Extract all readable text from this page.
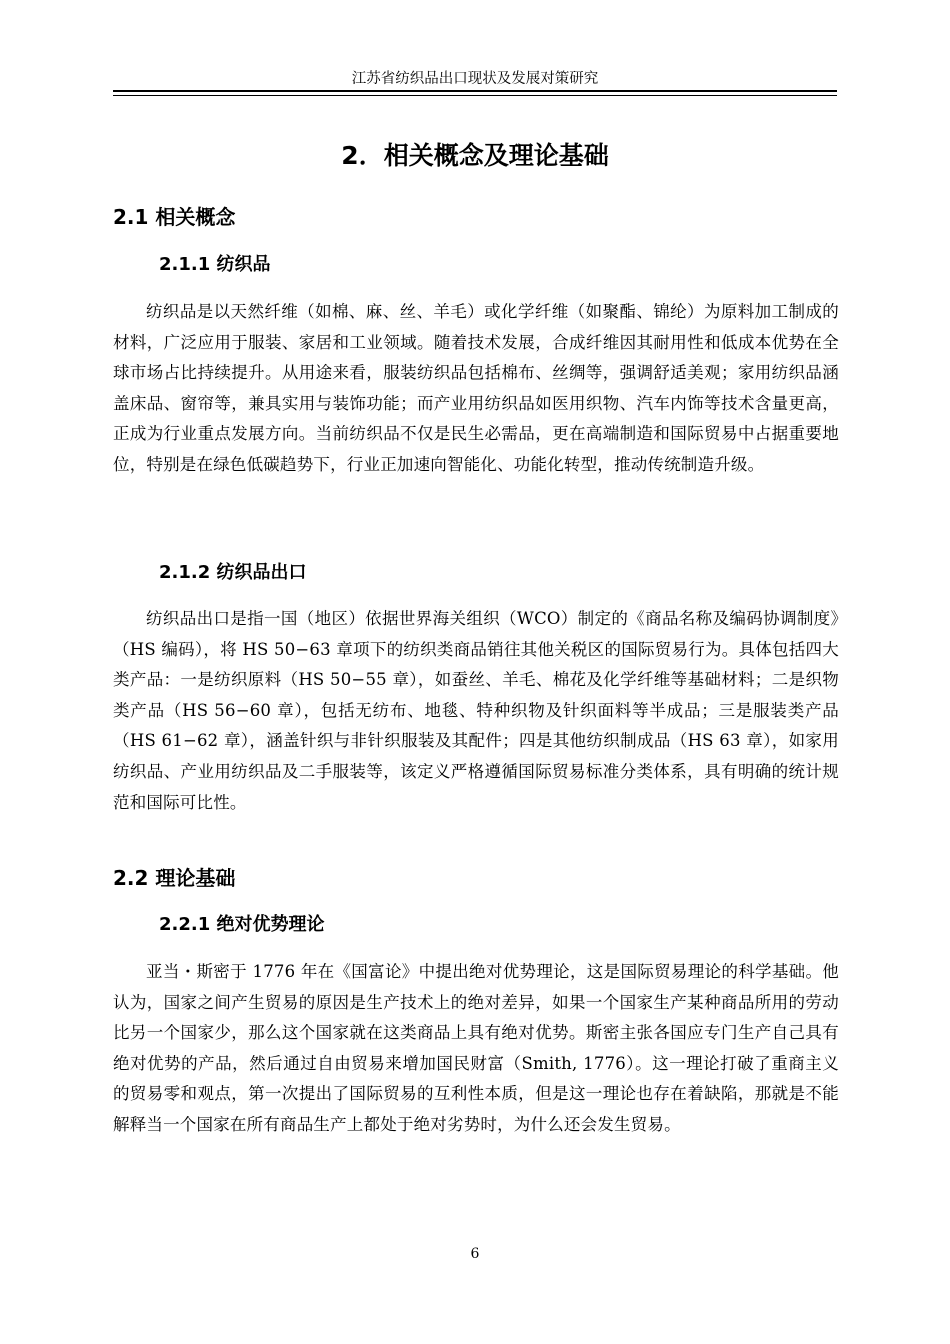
江苏省纺织品出口现状及发展对策研究
2．相关概念及理论基础
2.1 相关概念
2.1.1 纺织品

纺织品是以天然纤维（如棉、麻、丝、羊毛）或化学纤维（如聚酯、锦纶）为原料加工制成的材料，广泛应用于服装、家居和工业领域。随着技术发展，合成纤维因其耐用性和低成本优势在全球市场占比持续提升。从用途来看，服装纺织品包括棉布、丝绸等，强调舒适美观；家用纺织品涵盖床品、窗帘等，兼具实用与装饰功能；而产业用纺织品如医用织物、汽车内饰等技术含量更高，正成为行业重点发展方向。当前纺织品不仅是民生必需品，更在高端制造和国际贸易中占据重要地位，特别是在绿色低碳趋势下，行业正加速向智能化、功能化转型，推动传统制造升级。

2.1.2 纺织品出口

纺织品出口是指一国（地区）依据世界海关组织（WCO）制定的《商品名称及编码协调制度》（HS 编码），将 HS 50−63 章项下的纺织类商品销往其他关税区的国际贸易行为。具体包括四大类产品：一是纺织原料（HS 50−55 章），如蚕丝、羊毛、棉花及化学纤维等基础材料；二是织物类产品（HS 56−60 章），包括无纺布、地毯、特种织物及针织面料等半成品；三是服装类产品（HS 61−62 章），涵盖针织与非针织服装及其配件；四是其他纺织制成品（HS 63 章），如家用纺织品、产业用纺织品及二手服装等，该定义严格遵循国际贸易标准分类体系，具有明确的统计规范和国际可比性。

2.2 理论基础
2.2.1 绝对优势理论

亚当・斯密于 1776 年在《国富论》中提出绝对优势理论，这是国际贸易理论的科学基础。他认为，国家之间产生贸易的原因是生产技术上的绝对差异，如果一个国家生产某种商品所用的劳动比另一个国家少，那么这个国家就在这类商品上具有绝对优势。斯密主张各国应专门生产自己具有绝对优势的产品，然后通过自由贸易来增加国民财富（Smith, 1776）。这一理论打破了重商主义的贸易零和观点，第一次提出了国际贸易的互利性本质，但是这一理论也存在着缺陷，那就是不能解释当一个国家在所有商品生产上都处于绝对劣势时，为什么还会发生贸易。

6
